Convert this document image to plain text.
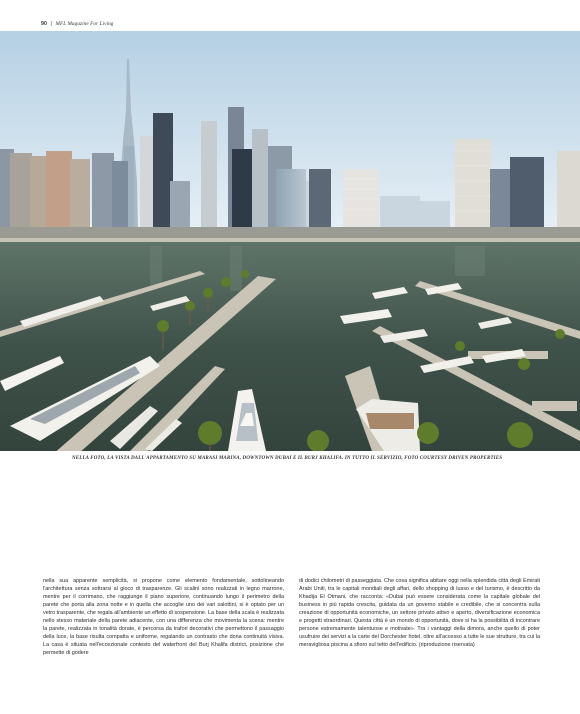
90 | MFL Magazine For Living
NELLA FOTO, LA VISTA DALL'APPARTAMENTO SU MARASI MARINA, DOWNTOWN DUBAI E IL BURJ KHALIFA. IN TUTTO IL SERVIZIO, FOTO COURTESY DRIVEN PROPERTIES
nella sua apparente semplicità, si propone come elemento fondamentale, sottolineando l'architettura senza sottrarsi al gioco di trasparenze. Gli scalini sono realizzati in legno marrone, mentre per il corrimano, che raggiunge il piano superiore, continuando lungo il perimetro della parete che porta alla zona notte e in quella che accoglie uno dei vari salottini, si è optato per un vetro trasparente, che regala all'ambiente un effetto di sospensione. La base della scala è realizzata nello stesso materiale della parete adiacente, con una differenza che movimenta la scena: mentre la parete, realizzata in tonalità dorate, è percorsa da trafori decorativi che permettono il passaggio della luce, la base risulta compatta e uniforme, regalando un contrasto che dona continuità visiva. La casa è situata nell'eccezionale contesto del waterfront del Burj Khalifa district, posizione che permette di godere
di dodici chilometri di passeggiata. Che cosa significa abitare oggi nella splendida città degli Emirati Arabi Uniti, tra le capitali mondiali degli affari, dello shopping di lusso e del turismo, è descritto da Khadija El Otmani, che racconta: «Dubai può essere considerata come la capitale globale del business in più rapida crescita, guidata da un governo stabile e credibile, che si concentra sulla creazione di opportunità economiche, un settore privato attivo e aperto, diversificazione economica e progetti straordinari. Questa città è un mondo di opportunità, dove si ha la possibilità di incontrare persone estremamente talentuose e motivate». Tra i vantaggi della dimora, anche quello di poter usufruire dei servizi a la carte del Dorchester hotel, oltre all'accesso a tutte le sue strutture, tra cui la meravigliosa piscina a sfioro sul tetto dell'edificio. (riproduzione riservata)
